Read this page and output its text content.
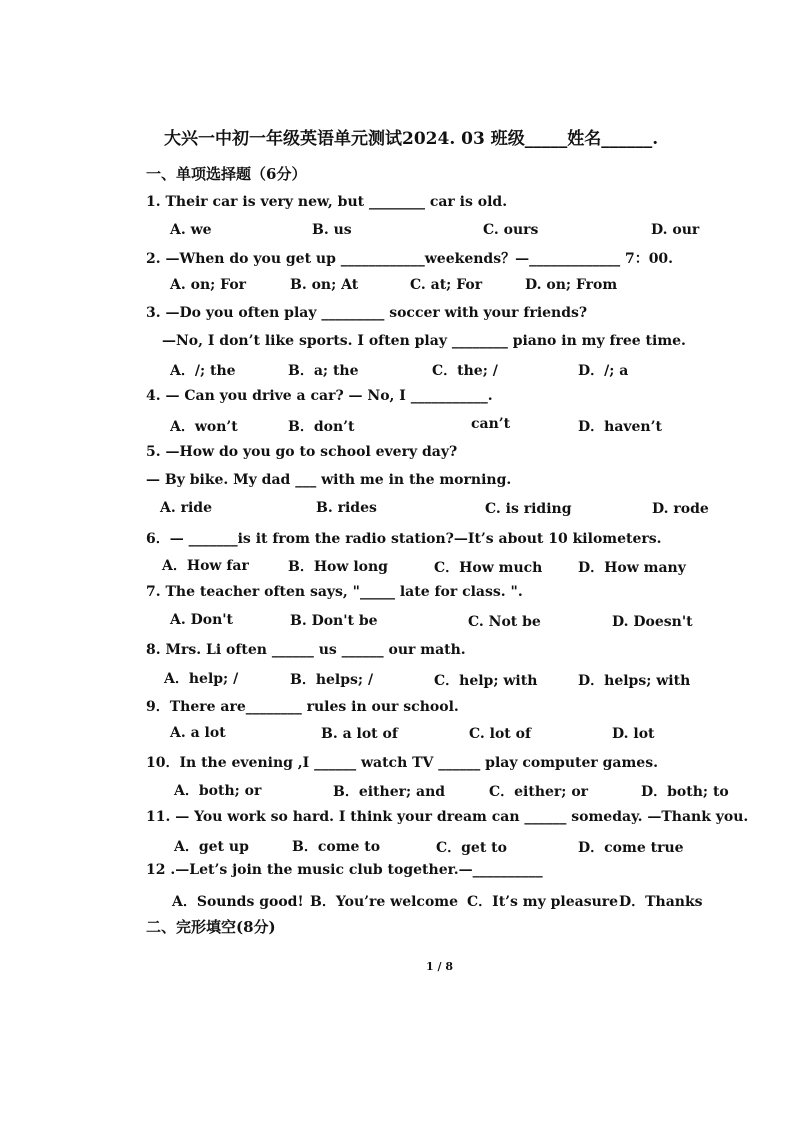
大兴一中初一年级英语单元测试2024. 03 班级_____姓名______.
一、单项选择题（6分）
1. Their car is very new, but ________ car is old.
A. we	B. us	C. ours	D. our
2. —When do you get up ____________weekends？—_____________ 7：00.
A. on; For	B. on; At	C. at; For	D. on; From
3. —Do you often play _________ soccer with your friends?
—No, I don’t like sports. I often play ________ piano in my free time.
A．/; the	B．a; the	C．the; /	D．/; a
4. — Can you drive a car? — No, I ___________.
A．won’t	B．don’t	can’t	D．haven’t
5. —How do you go to school every day?
— By bike. My dad ___ with me in the morning.
A. ride	B. rides	C. is riding	D. rode
6．— _______is it from the radio station?—It’s about 10 kilometers.
A．How far	B．How long	C．How much	D．How many
7. The teacher often says, "_____ late for class. ".
A. Don't	B. Don't be	C. Not be	D. Doesn't
8. Mrs. Li often ______ us ______ our math.
A．help; /	B．helps; /	C．help; with	D．helps; with
9．There are________ rules in our school.
A. a lot	B. a lot of	C. lot of	D. lot
10．In the evening ,I ______ watch TV ______ play computer games.
A．both; or	B．either; and	C．either; or	D．both; to
11. — You work so hard. I think your dream can ______ someday. —Thank you.
A．get up	B．come to	C．get to	D．come true
12 .—Let’s join the music club together.—__________
A．Sounds good! B．You’re welcome C．It’s my pleasure D．Thanks
二、完形填空(8分)
1 / 8
